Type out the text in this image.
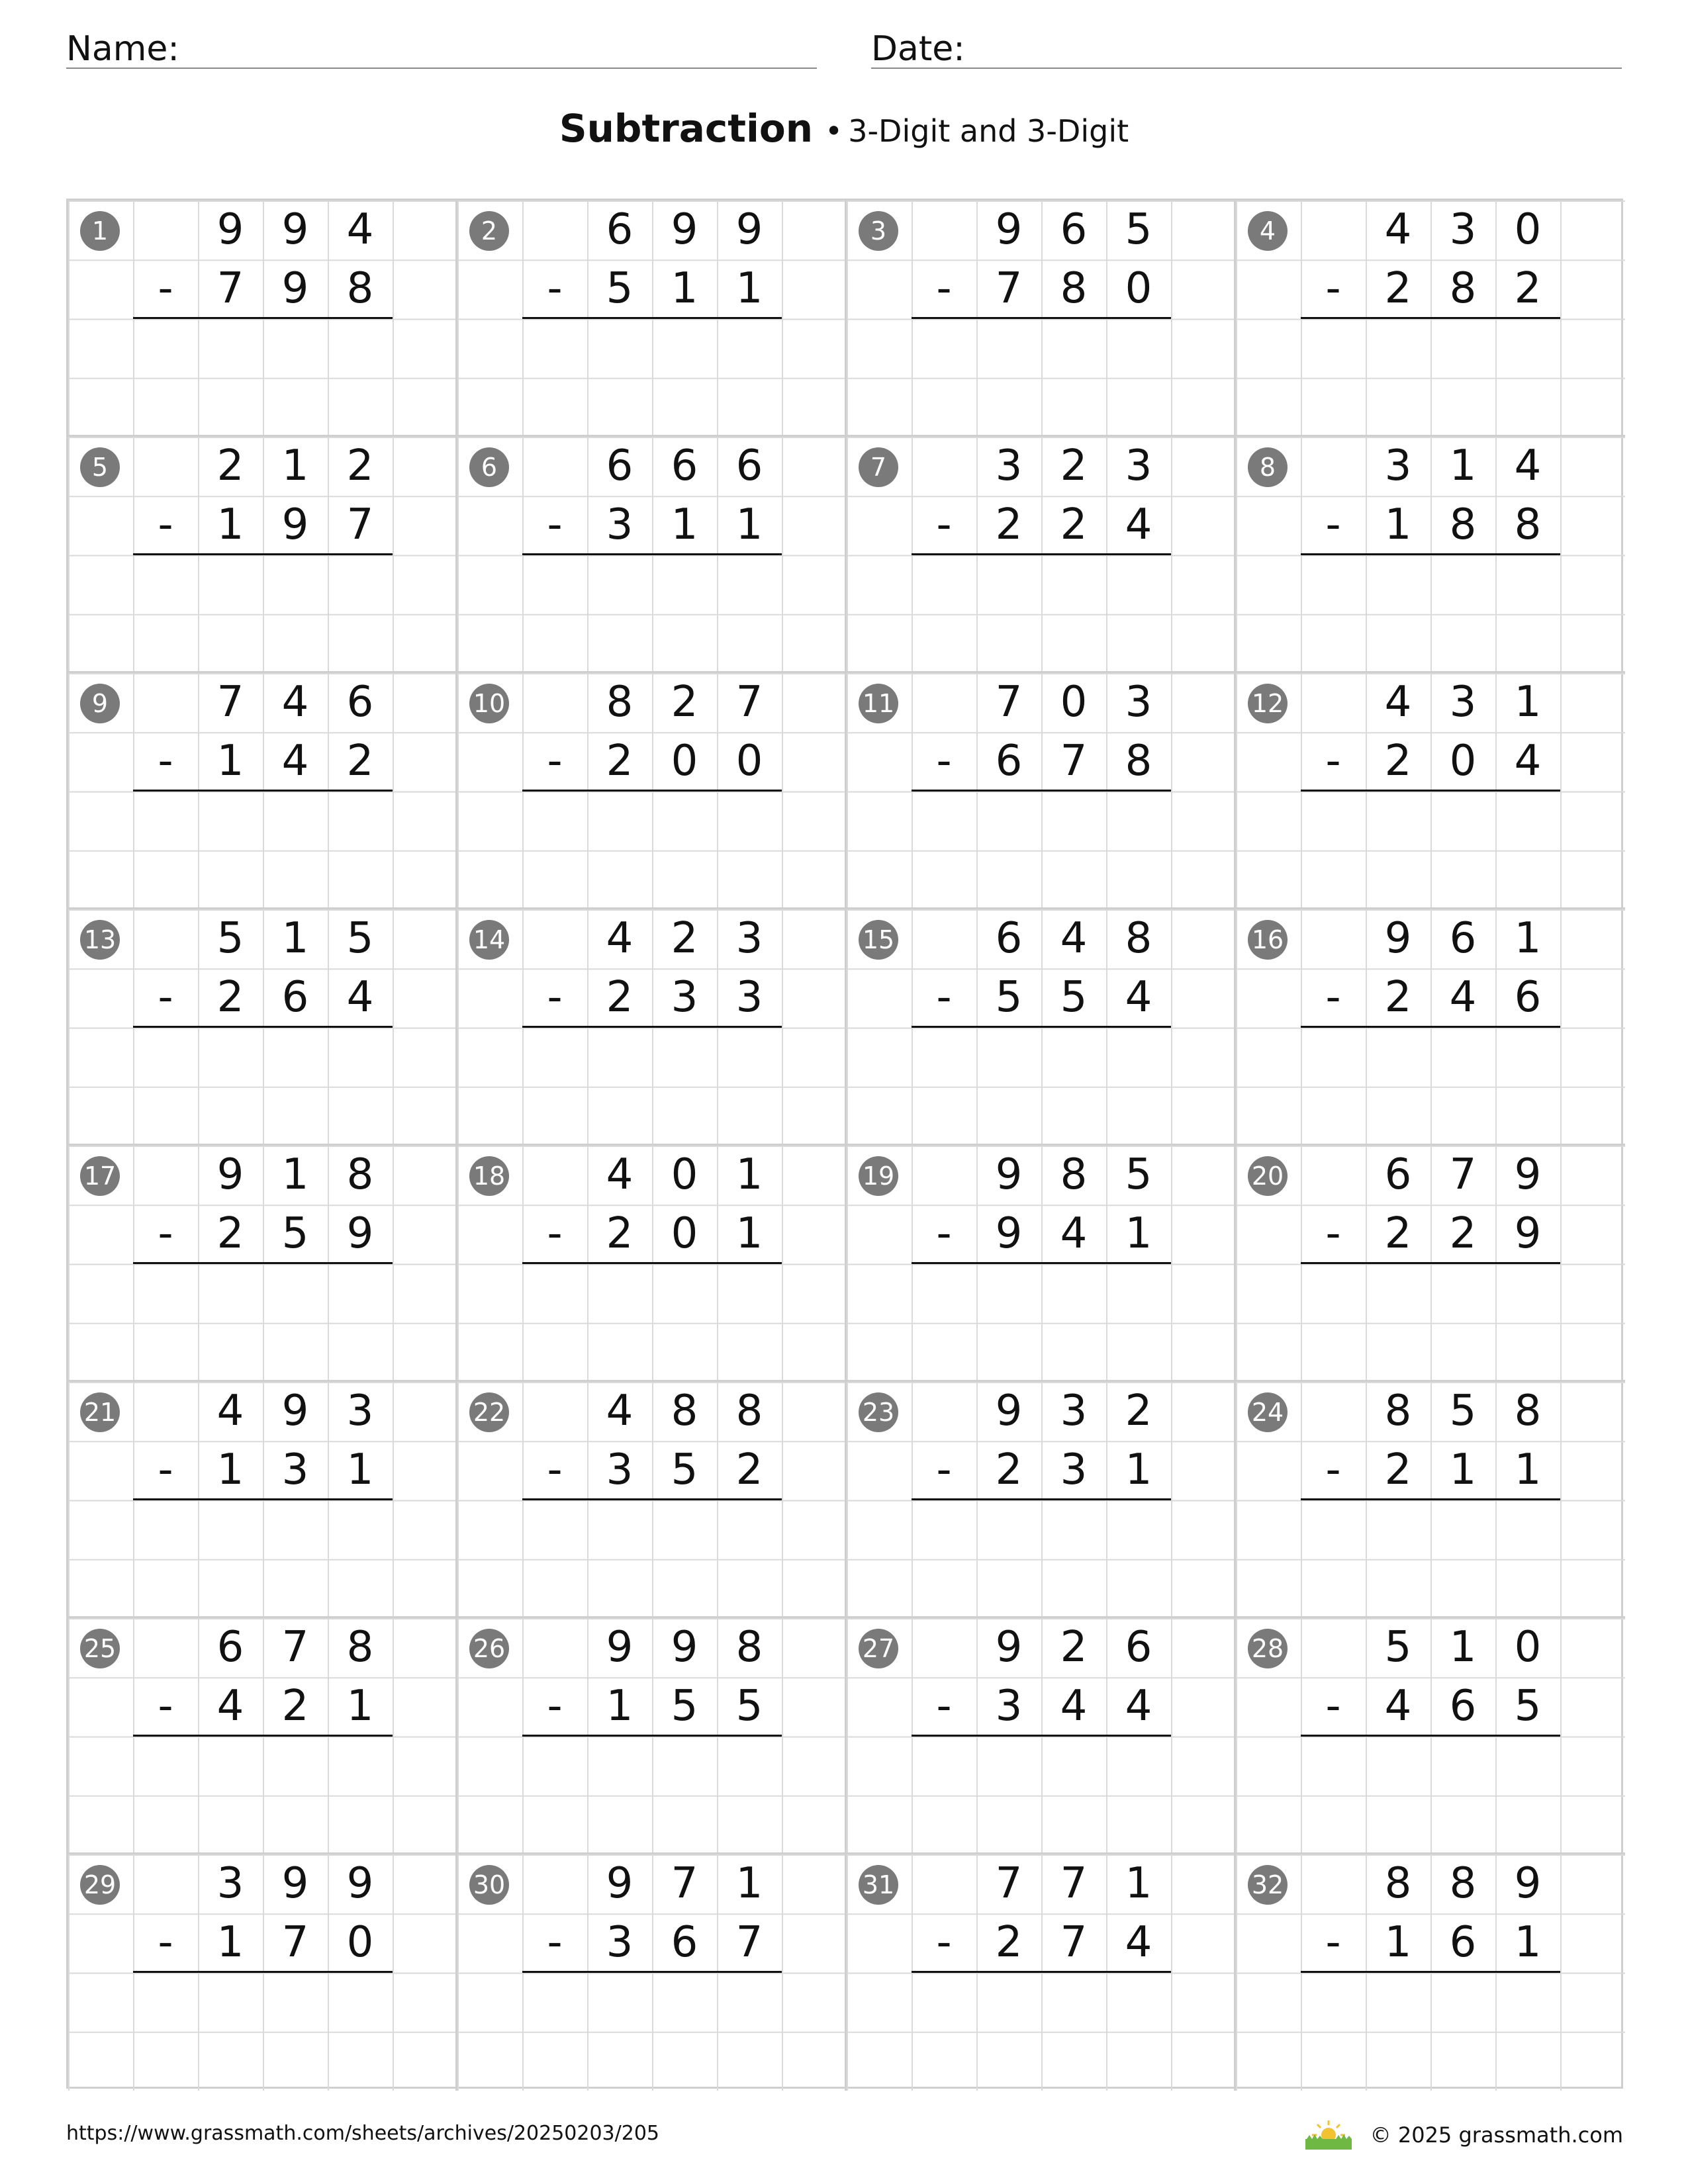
Name:	Date:
Subtraction • 3-Digit and 3-Digit
1	9 9 4
-	7 9 8
2	6 9 9
-	5 1 1
3	9 6 5
-	7 8 0
4	4 3 0
-	2 8 2
5	2 1 2
-	1 9 7
6	6 6 6
-	3 1 1
7	3 2 3
-	2 2 4
8	3 1 4
-	1 8 8
9	7 4 6
-	1 4 2
10	8 2 7
-	2 0 0
11	7 0 3
-	6 7 8
12	4 3 1
-	2 0 4
13	5 1 5
-	2 6 4
14	4 2 3
-	2 3 3
15	6 4 8
-	5 5 4
16	9 6 1
-	2 4 6
17	9 1 8
-	2 5 9
18	4 0 1
-	2 0 1
19	9 8 5
-	9 4 1
20	6 7 9
-	2 2 9
21	4 9 3
-	1 3 1
22	4 8 8
-	3 5 2
23	9 3 2
-	2 3 1
24	8 5 8
-	2 1 1
25	6 7 8
-	4 2 1
26	9 9 8
-	1 5 5
27	9 2 6
-	3 4 4
28	5 1 0
-	4 6 5
29	3 9 9
-	1 7 0
30	9 7 1
-	3 6 7
31	7 7 1
-	2 7 4
32	8 8 9
-	1 6 1
https://www.grassmath.com/sheets/archives/20250203/205	© 2025 grassmath.com
